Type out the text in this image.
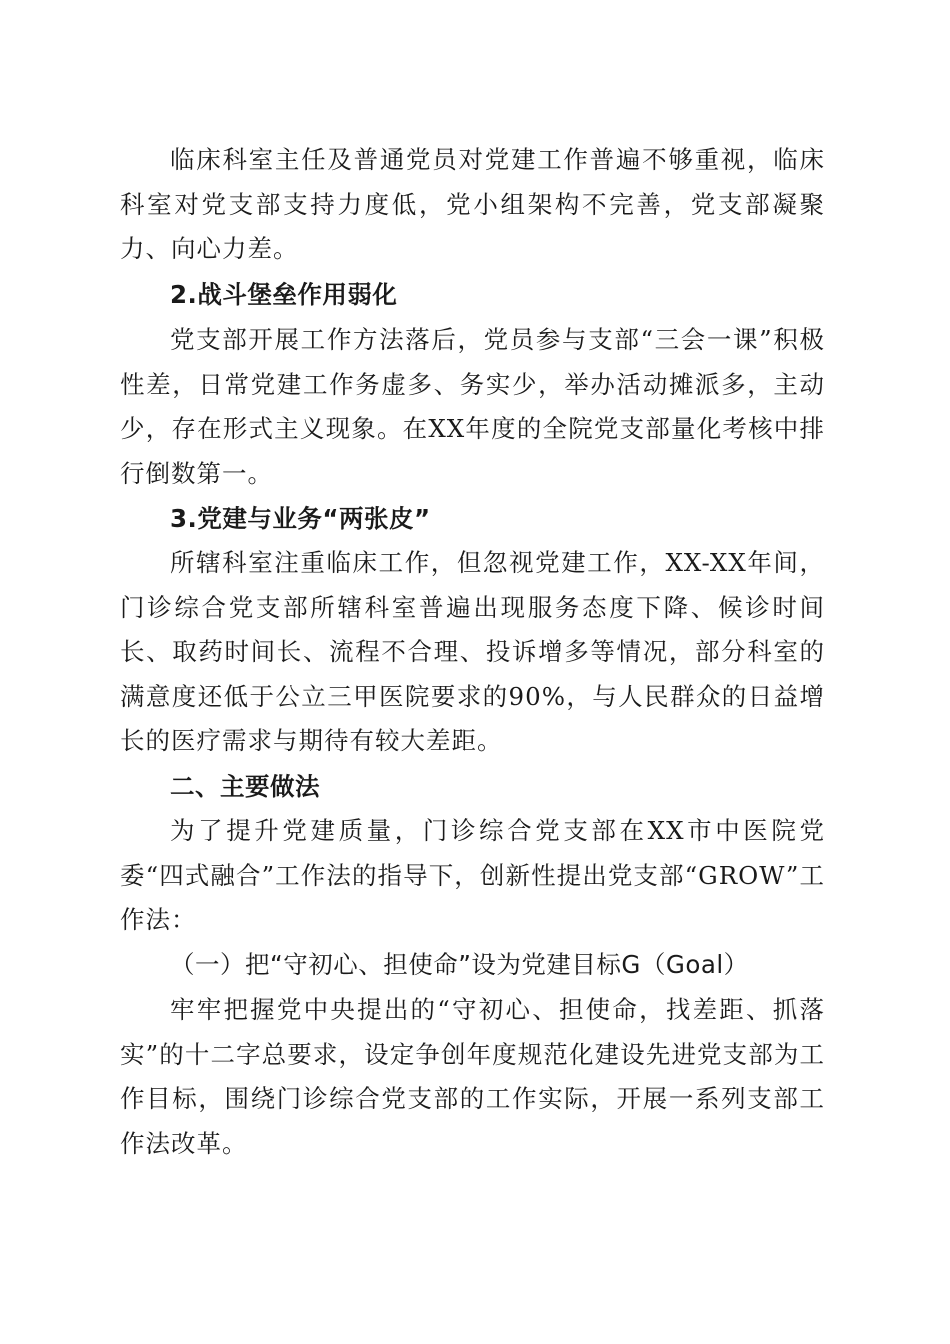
临床科室主任及普通党员对党建工作普遍不够重视，临床科室对党支部支持力度低，党小组架构不完善，党支部凝聚力、向心力差。
2.战斗堡垒作用弱化
党支部开展工作方法落后，党员参与支部“三会一课”积极性差，日常党建工作务虚多、务实少，举办活动摊派多，主动少，存在形式主义现象。在XX年度的全院党支部量化考核中排行倒数第一。
3.党建与业务“两张皮”
所辖科室注重临床工作，但忽视党建工作，XX-XX年间，门诊综合党支部所辖科室普遍出现服务态度下降、候诊时间长、取药时间长、流程不合理、投诉增多等情况，部分科室的满意度还低于公立三甲医院要求的90%，与人民群众的日益增长的医疗需求与期待有较大差距。
二、主要做法
为了提升党建质量，门诊综合党支部在XX市中医院党委“四式融合”工作法的指导下，创新性提出党支部“GROW”工作法：
（一）把“守初心、担使命”设为党建目标G（Goal）
牢牢把握党中央提出的“守初心、担使命，找差距、抓落实”的十二字总要求，设定争创年度规范化建设先进党支部为工作目标，围绕门诊综合党支部的工作实际，开展一系列支部工作法改革。
